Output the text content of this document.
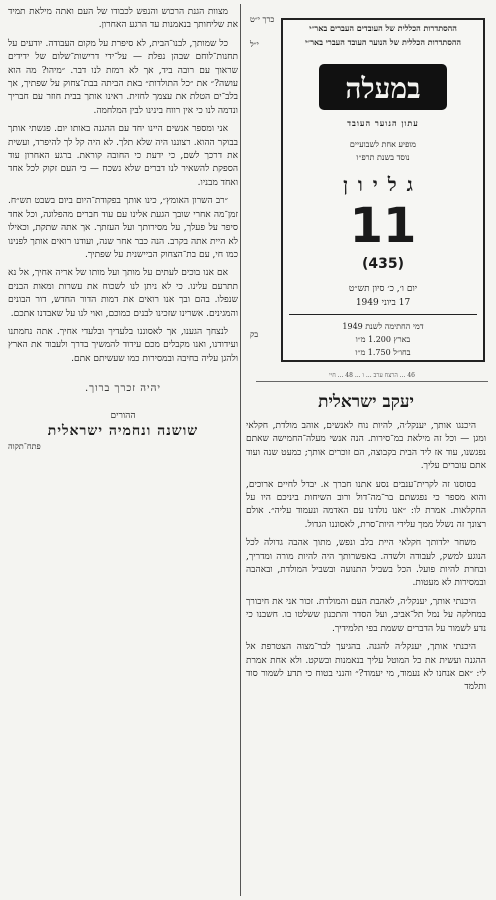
מצוות הגנת הרכוש והנפש לכבודו של העם ואתה מילאת תמיד את שליחותך בנאמנות עד הרגע האחרון.

כל שמותך, לבנו־הבית, לא סיפרת על מקום העבודה. יודעים על תחנות־לוחם שבהן נפלת — על־ידי דרישות־שלום של ידידים שראוך עם רובה ביד, אך לא רמזת לנו דבר. ״מיהו? מה הוא עושה?״ את ״כל התולדות״ באת הביתה בבת־צחוק על שפתיך, אך בלב־ים הטלת את עצמך לחזית. ראינו אותך בבית חוזר עם חבריך ונדמה לנו כי אין רווח בינינו לבין המלחמה.

אני ומספר אנשים היינו יחד עם ההגנה באותו יום. פגשתי אותך בבוקר ההוא. רצוננו היה שלא תלך. לא היה קל לך להיפרד, ועשית את דרכך לשם, כי ידעת כי החובה קוראת. ברגע האחרון עוד הספקת להשאיר לנו דברים שלא נשכח — כי העם זקוק לכל אחד ואחד מבניו.

״רב השרון האומץ״, כינו אותך בפקודת־היום ביום בשבט תש״ח. זמן־מה אחרי שובך הגעת אלינו עם עוד חברים מהפלוגה, וכל אחד סיפר על פעלך, על מסירותך ועל העזתך. אך אתה שתקת, וכאילו לא היית אתה בקרב. הנה כבר אחר שנה, ועודנו רואים אותך לפנינו כמו חי, עם בת־הצחוק הביישנית על שפתיך.

אם אנו בוכים לעתים על מותך ועל מותו של אריה אחיך, אל נא תתרעם עלינו. כי לא ניתן לנו לשכוח את עשרות ומאות הבנים שנפלו. בהם ובך אנו רואים את דמות הדור החדש, דור הבונים והמגינים. אשרינו שזכינו לבנים כמוכם, ואוי לנו על שאבדנו אתכם.

לנצחך הגענו, אך לאסוננו בלעדיך ובלעדי אחיך. אתה נחמתנו ועידודנו, ואנו מקבלים מכם עידוד להמשיך בדרך ולעבוד את הארץ ולהגן עליה בחיבה ובמסירות כמו שעשיתם אתם.

יהיה זכרך ברוך.
ההורים
שושנה ונחמיה ישראלית
פתח־תקוה
ההסתדרות הכללית של העובדים העברים באר״י
ההסתדרות הכללית של הנוער העובד העברי באר״י
במעלה
עתון הנוער העובד
מופיע אחת לשבועיים
נוסד בשנת תרפ״ו
גליון
11
(435)
יום ו׳, כ׳ סיון תש״ט
17 ביוני 1949
דמי החתימה לשנת 1949
בארץ 1.200 מ״ו
בחו״ל 1.750 מ״ו
י״ל
בק
כרך י״ט
46 ... הרצח ערב ... ו ... 48 ... חיי
יעקב ישראלית

היכנגו אותך, יענקל׳ה, להיות נוח לאנשים, אוהב מולדת, חקלאי ומגן — וכל זה מילאת במ־סירות. הנה אנשי מעלה־החמישה שאתם נפגשנו, עוד אז ליד הבית בקבוצה, הם זוכרים אותך; כמעט שנה ועוד אתם עוברים עליך.

בסוסנו זה לקרית־ענבים נסע אתנו חברך א. יבדל לחיים ארוכים, והוא מספר כי נפגשתם בר־מה־דול ורוב השיחות ביניכם היו על החקלאות. אמרת לו: ״אנו נולדנו עם האדמה ונעמוד עליה״. אולם רצונך זה נשלל ממך עלידי היות־סרת, לאסוננו הגדול.

משחר ילדותך חקלאי היית בלב ונפש, מתוך אהבה גדולה לכל הנוגע למשק, לעבודה ולשדה. באפשרותך היה להיות מורה ומדריך, ובחרת להיות פועל. הכל בשביל התנועה ובשביל המולדת, ובאהבה ובמסירות לא מעטות.

היכנתי אותך, יענקל׳ה, לאהבת העם והמולדת. זכור אני את חיבורך במחלקה על נמל תל־אביב, ועל הסדר והתכנון ששלטו בו. חשבנו כי נדע לשמור על הדברים ששמת בפי תלמידיך.

היכנתי אותך, יענקל׳ה להגנה. בהגיעך לבר־מצוה הצטרפת אל ההגנה ועשית את כל המוטל עליך בנאמנות ובשקט. ולא אחת אמרת לי: ״אם אנחנו לא נעמוד, מי יעמוד?״ והנני בטוח כי תדע לשמור סוד ותלמד
